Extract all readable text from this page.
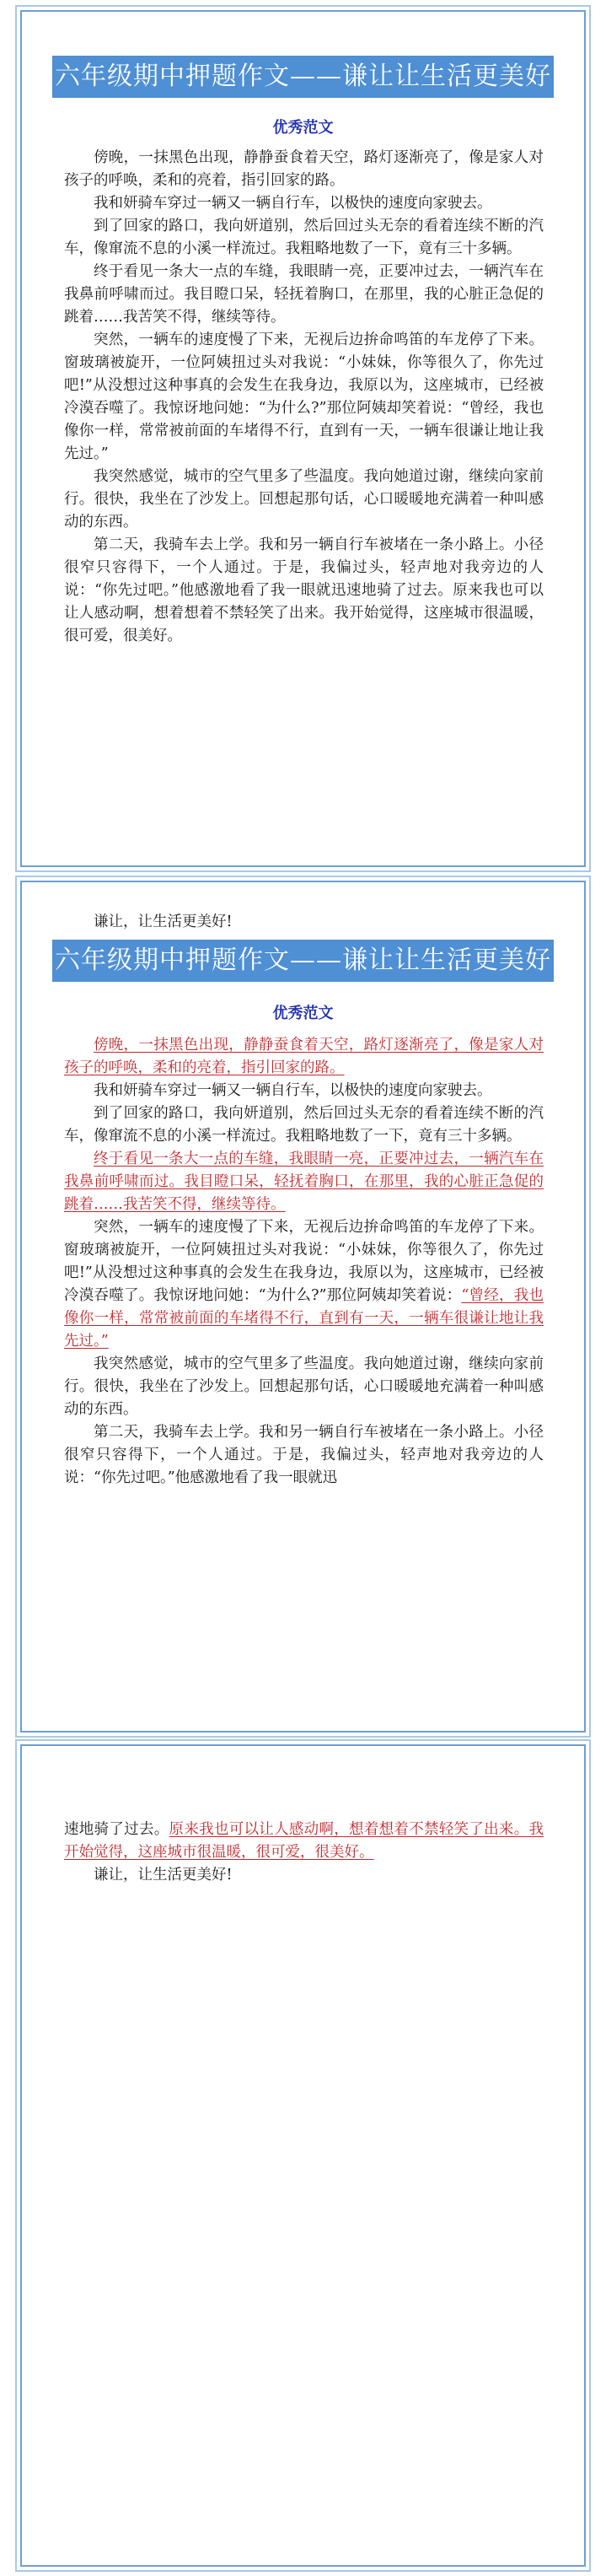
六年级期中押题作文——谦让让生活更美好
优秀范文

傍晚，一抹黑色出现，静静蚕食着天空，路灯逐渐亮了，像是家人对孩子的呼唤，柔和的亮着，指引回家的路。

我和妍骑车穿过一辆又一辆自行车，以极快的速度向家驶去。

到了回家的路口，我向妍道别，然后回过头无奈的看着连续不断的汽车，像窜流不息的小溪一样流过。我粗略地数了一下，竟有三十多辆。

终于看见一条大一点的车缝，我眼睛一亮，正要冲过去，一辆汽车在我鼻前呼啸而过。我目瞪口呆，轻抚着胸口，在那里，我的心脏正急促的跳着……我苦笑不得，继续等待。

突然，一辆车的速度慢了下来，无视后边拚命鸣笛的车龙停了下来。窗玻璃被旋开，一位阿姨扭过头对我说：“小妹妹，你等很久了，你先过吧!”从没想过这种事真的会发生在我身边，我原以为，这座城市，已经被冷漠吞噬了。我惊讶地问她：“为什么?”那位阿姨却笑着说：“曾经，我也像你一样，常常被前面的车堵得不行，直到有一天，一辆车很谦让地让我先过。”

我突然感觉，城市的空气里多了些温度。我向她道过谢，继续向家前行。很快，我坐在了沙发上。回想起那句话，心口暖暖地充满着一种叫感动的东西。

第二天，我骑车去上学。我和另一辆自行车被堵在一条小路上。小径很窄只容得下，一个人通过。于是，我偏过头，轻声地对我旁边的人说：“你先过吧。”他感激地看了我一眼就迅速地骑了过去。原来我也可以让人感动啊，想着想着不禁轻笑了出来。我开始觉得，这座城市很温暖，很可爱，很美好。

谦让，让生活更美好!
六年级期中押题作文——谦让让生活更美好
优秀范文

傍晚，一抹黑色出现，静静蚕食着天空，路灯逐渐亮了，像是家人对孩子的呼唤，柔和的亮着，指引回家的路。

我和妍骑车穿过一辆又一辆自行车，以极快的速度向家驶去。

到了回家的路口，我向妍道别，然后回过头无奈的看着连续不断的汽车，像窜流不息的小溪一样流过。我粗略地数了一下，竟有三十多辆。

终于看见一条大一点的车缝，我眼睛一亮，正要冲过去，一辆汽车在我鼻前呼啸而过。我目瞪口呆，轻抚着胸口，在那里，我的心脏正急促的跳着……我苦笑不得，继续等待。

突然，一辆车的速度慢了下来，无视后边拚命鸣笛的车龙停了下来。窗玻璃被旋开，一位阿姨扭过头对我说：“小妹妹，你等很久了，你先过吧!”从没想过这种事真的会发生在我身边，我原以为，这座城市，已经被冷漠吞噬了。我惊讶地问她：“为什么?”那位阿姨却笑着说：“曾经，我也像你一样，常常被前面的车堵得不行，直到有一天，一辆车很谦让地让我先过。”

我突然感觉，城市的空气里多了些温度。我向她道过谢，继续向家前行。很快，我坐在了沙发上。回想起那句话，心口暖暖地充满着一种叫感动的东西。

第二天，我骑车去上学。我和另一辆自行车被堵在一条小路上。小径很窄只容得下，一个人通过。于是，我偏过头，轻声地对我旁边的人说：“你先过吧。”他感激地看了我一眼就迅

速地骑了过去。原来我也可以让人感动啊，想着想着不禁轻笑了出来。我开始觉得，这座城市很温暖，很可爱，很美好。

谦让，让生活更美好!
